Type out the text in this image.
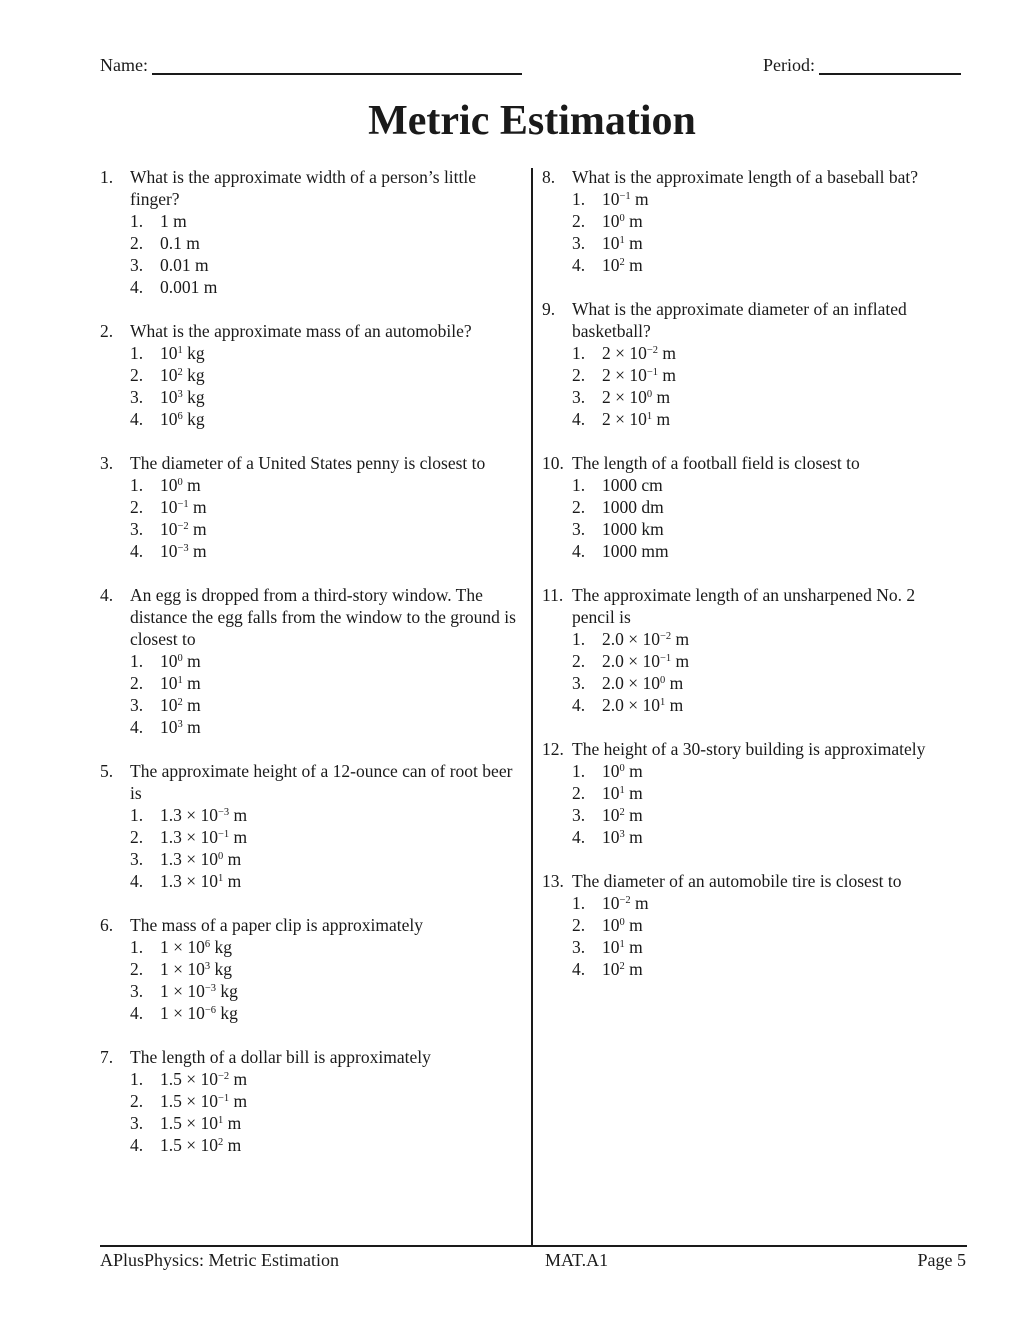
Name:	Period:
Metric Estimation
1. What is the approximate width of a person’s little finger?
1. 1 m
2. 0.1 m
3. 0.01 m
4. 0.001 m
2. What is the approximate mass of an automobile?
1. $10^1$ kg
2. $10^2$ kg
3. $10^3$ kg
4. $10^6$ kg
3. The diameter of a United States penny is closest to
1. $10^0$ m
2. $10^{-1}$ m
3. $10^{-2}$ m
4. $10^{-3}$ m
4. An egg is dropped from a third-story window. The distance the egg falls from the window to the ground is closest to
1. $10^0$ m
2. $10^1$ m
3. $10^2$ m
4. $10^3$ m
5. The approximate height of a 12-ounce can of root beer is
1. $1.3 \times 10^{-3}$ m
2. $1.3 \times 10^{-1}$ m
3. $1.3 \times 10^0$ m
4. $1.3 \times 10^1$ m
6. The mass of a paper clip is approximately
1. $1 \times 10^6$ kg
2. $1 \times 10^3$ kg
3. $1 \times 10^{-3}$ kg
4. $1 \times 10^{-6}$ kg
7. The length of a dollar bill is approximately
1. $1.5 \times 10^{-2}$ m
2. $1.5 \times 10^{-1}$ m
3. $1.5 \times 10^1$ m
4. $1.5 \times 10^2$ m
8. What is the approximate length of a baseball bat?
1. $10^{-1}$ m
2. $10^0$ m
3. $10^1$ m
4. $10^2$ m
9. What is the approximate diameter of an inflated basketball?
1. $2 \times 10^{-2}$ m
2. $2 \times 10^{-1}$ m
3. $2 \times 10^0$ m
4. $2 \times 10^1$ m
10. The length of a football field is closest to
1. 1000 cm
2. 1000 dm
3. 1000 km
4. 1000 mm
11. The approximate length of an unsharpened No. 2 pencil is
1. $2.0 \times 10^{-2}$ m
2. $2.0 \times 10^{-1}$ m
3. $2.0 \times 10^0$ m
4. $2.0 \times 10^1$ m
12. The height of a 30-story building is approximately
1. $10^0$ m
2. $10^1$ m
3. $10^2$ m
4. $10^3$ m
13. The diameter of an automobile tire is closest to
1. $10^{-2}$ m
2. $10^0$ m
3. $10^1$ m
4. $10^2$ m
APlusPhysics: Metric Estimation	MAT.A1	Page 5
